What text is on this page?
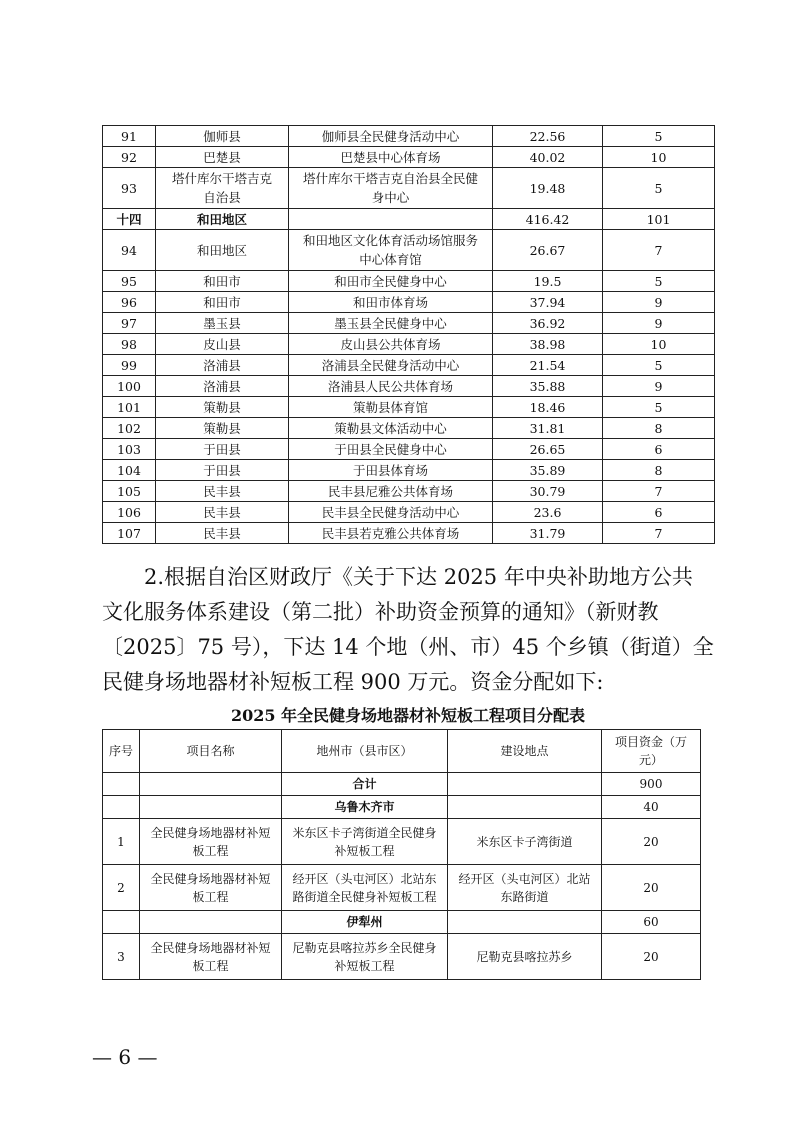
91	伽师县	伽师县全民健身活动中心	22.56	5
92	巴楚县	巴楚县中心体育场	40.02	10
93	塔什库尔干塔吉克自治县	塔什库尔干塔吉克自治县全民健身中心	19.48	5
十四	和田地区		416.42	101
94	和田地区	和田地区文化体育活动场馆服务中心体育馆	26.67	7
95	和田市	和田市全民健身中心	19.5	5
96	和田市	和田市体育场	37.94	9
97	墨玉县	墨玉县全民健身中心	36.92	9
98	皮山县	皮山县公共体育场	38.98	10
99	洛浦县	洛浦县全民健身活动中心	21.54	5
100	洛浦县	洛浦县人民公共体育场	35.88	9
101	策勒县	策勒县体育馆	18.46	5
102	策勒县	策勒县文体活动中心	31.81	8
103	于田县	于田县全民健身中心	26.65	6
104	于田县	于田县体育场	35.89	8
105	民丰县	民丰县尼雅公共体育场	30.79	7
106	民丰县	民丰县全民健身活动中心	23.6	6
107	民丰县	民丰县若克雅公共体育场	31.79	7

2.根据自治区财政厅《关于下达 2025 年中央补助地方公共
文化服务体系建设（第二批）补助资金预算的通知》（新财教
〔2025〕75 号），下达 14 个地（州、市）45 个乡镇（街道）全
民健身场地器材补短板工程 900 万元。资金分配如下:

2025 年全民健身场地器材补短板工程项目分配表
序号	项目名称	地州市（县市区）	建设地点	项目资金（万元）
		合计		900
		乌鲁木齐市		40
1	全民健身场地器材补短板工程	米东区卡子湾街道全民健身补短板工程	米东区卡子湾街道	20
2	全民健身场地器材补短板工程	经开区（头屯河区）北站东路街道全民健身补短板工程	经开区（头屯河区）北站东路街道	20
		伊犁州		60
3	全民健身场地器材补短板工程	尼勒克县喀拉苏乡全民健身补短板工程	尼勒克县喀拉苏乡	20
— 6 —
